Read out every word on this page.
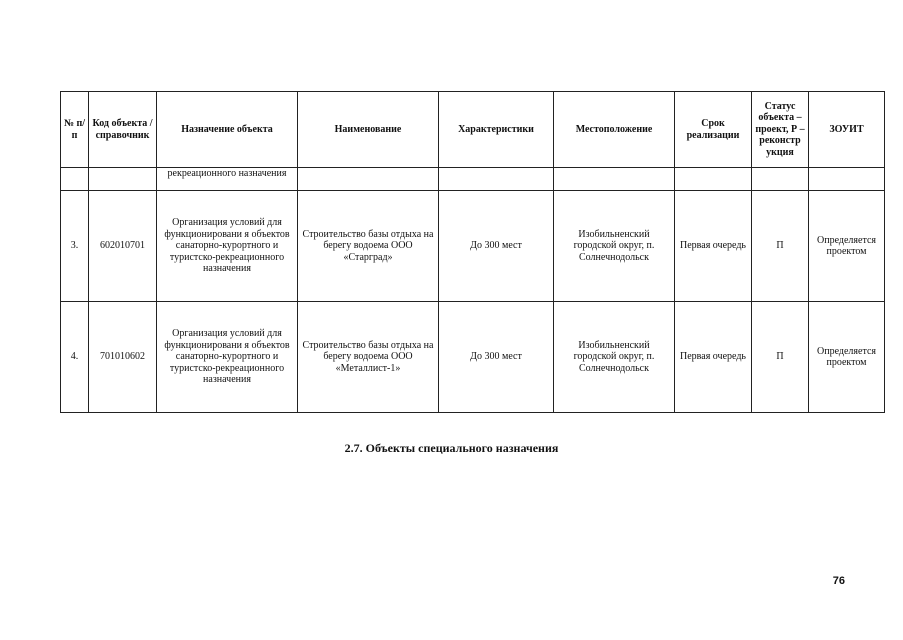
№ п/п	Код объекта / справочник	Назначение объекта	Наименование	Характеристики	Местоположение	Срок реализации	Статус объекта – проект, Р – реконстр укция	ЗОУИТ
		рекреационного назначения						
3.	602010701	Организация условий для функционировани я объектов санаторно-курортного и туристско-рекреационного назначения	Строительство базы отдыха на берегу водоема ООО «Старград»	До 300 мест	Изобильненский городской округ, п. Солнечнодольск	Первая очередь	П	Определяется проектом
4.	701010602	Организация условий для функционировани я объектов санаторно-курортного и туристско-рекреационного назначения	Строительство базы отдыха на берегу водоема ООО «Металлист-1»	До 300 мест	Изобильненский городской округ, п. Солнечнодольск	Первая очередь	П	Определяется проектом
2.7. Объекты специального назначения
76
